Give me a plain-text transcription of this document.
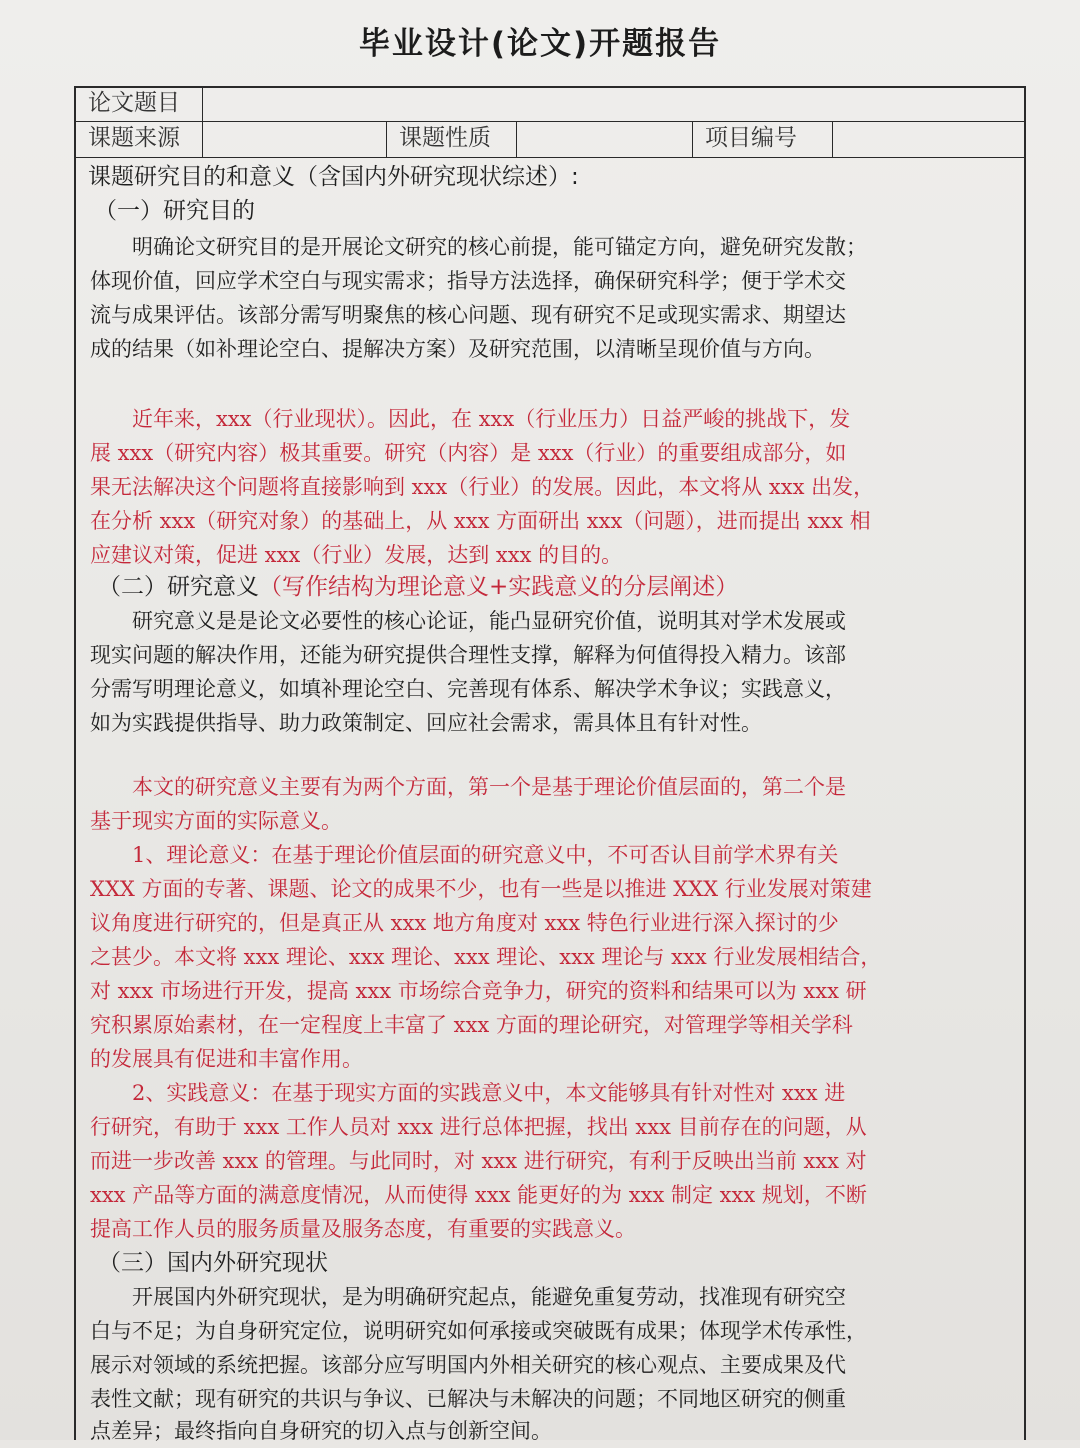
毕业设计(论文)开题报告
论文题目
课题来源	课题性质	项目编号
课题研究目的和意义（含国内外研究现状综述）:
（一）研究目的
明确论文研究目的是开展论文研究的核心前提，能可锚定方向，避免研究发散；
体现价值，回应学术空白与现实需求；指导方法选择，确保研究科学；便于学术交
流与成果评估。该部分需写明聚焦的核心问题、现有研究不足或现实需求、期望达
成的结果（如补理论空白、提解决方案）及研究范围，以清晰呈现价值与方向。
近年来，xxx（行业现状）。因此，在 xxx（行业压力）日益严峻的挑战下，发
展 xxx（研究内容）极其重要。研究（内容）是 xxx（行业）的重要组成部分，如
果无法解决这个问题将直接影响到 xxx（行业）的发展。因此，本文将从 xxx 出发，
在分析 xxx（研究对象）的基础上，从 xxx 方面研出 xxx（问题），进而提出 xxx 相
应建议对策，促进 xxx（行业）发展，达到 xxx 的目的。
（二）研究意义（写作结构为理论意义+实践意义的分层阐述）
研究意义是是论文必要性的核心论证，能凸显研究价值，说明其对学术发展或
现实问题的解决作用，还能为研究提供合理性支撑，解释为何值得投入精力。该部
分需写明理论意义，如填补理论空白、完善现有体系、解决学术争议；实践意义，
如为实践提供指导、助力政策制定、回应社会需求，需具体且有针对性。
本文的研究意义主要有为两个方面，第一个是基于理论价值层面的，第二个是
基于现实方面的实际意义。
1、理论意义：在基于理论价值层面的研究意义中，不可否认目前学术界有关
XXX 方面的专著、课题、论文的成果不少，也有一些是以推进 XXX 行业发展对策建
议角度进行研究的，但是真正从 xxx 地方角度对 xxx 特色行业进行深入探讨的少
之甚少。本文将 xxx 理论、xxx 理论、xxx 理论、xxx 理论与 xxx 行业发展相结合，
对 xxx 市场进行开发，提高 xxx 市场综合竞争力，研究的资料和结果可以为 xxx 研
究积累原始素材，在一定程度上丰富了 xxx 方面的理论研究，对管理学等相关学科
的发展具有促进和丰富作用。
2、实践意义：在基于现实方面的实践意义中，本文能够具有针对性对 xxx 进
行研究，有助于 xxx 工作人员对 xxx 进行总体把握，找出 xxx 目前存在的问题，从
而进一步改善 xxx 的管理。与此同时，对 xxx 进行研究，有利于反映出当前 xxx 对
xxx 产品等方面的满意度情况，从而使得 xxx 能更好的为 xxx 制定 xxx 规划，不断
提高工作人员的服务质量及服务态度，有重要的实践意义。
（三）国内外研究现状
开展国内外研究现状，是为明确研究起点，能避免重复劳动，找准现有研究空
白与不足；为自身研究定位，说明研究如何承接或突破既有成果；体现学术传承性，
展示对领域的系统把握。该部分应写明国内外相关研究的核心观点、主要成果及代
表性文献；现有研究的共识与争议、已解决与未解决的问题；不同地区研究的侧重
点差异；最终指向自身研究的切入点与创新空间。
